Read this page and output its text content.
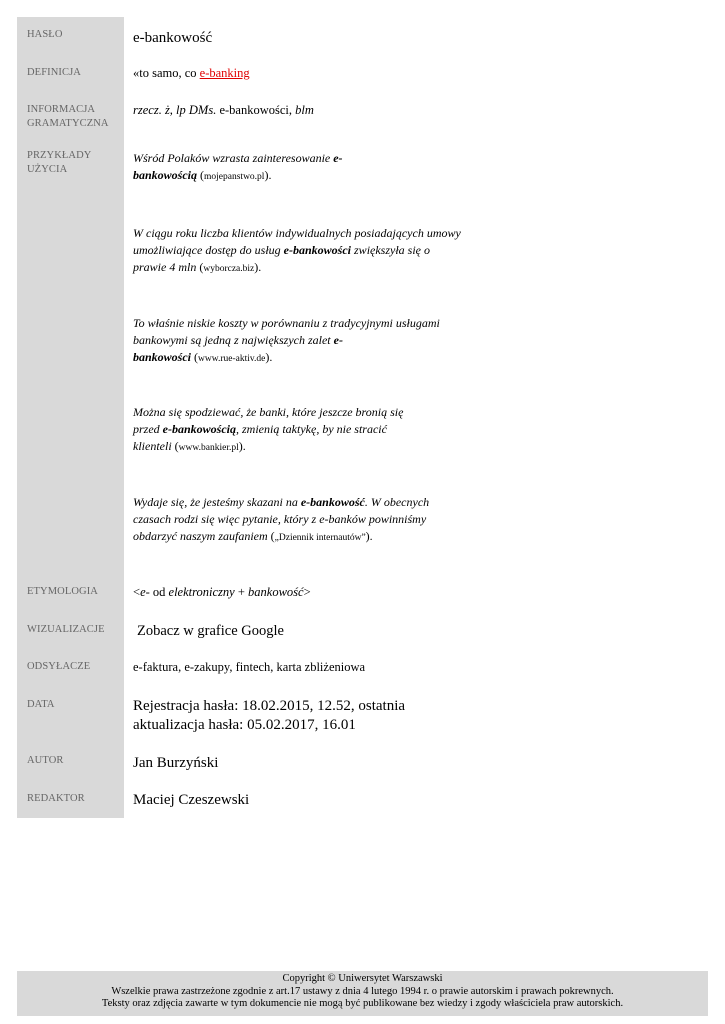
HASŁO
DEFINICJA
INFORMACJA
GRAMATYCZNA
PRZYKŁADY
UŻYCIA
ETYMOLOGIA
WIZUALIZACJE
ODSYŁACZE
DATA
AUTOR
REDAKTOR
e-bankowość
«to samo, co e-banking
rzecz. ż, lp DMs. e-bankowości, blm
Wśród Polaków wzrasta zainteresowanie e-
bankowością (mojepanstwo.pl).
W ciągu roku liczba klientów indywidualnych posiadających umowy
umożliwiające dostęp do usług e-bankowości zwiększyła się o
prawie 4 mln (wyborcza.biz).
To właśnie niskie koszty w porównaniu z tradycyjnymi usługami
bankowymi są jedną z największych zalet e-
bankowości (www.rue-aktiv.de).
Można się spodziewać, że banki, które jeszcze bronią się
przed e-bankowością, zmienią taktykę, by nie stracić
klienteli (www.bankier.pl).
Wydaje się, że jesteśmy skazani na e-bankowość. W obecnych
czasach rodzi się więc pytanie, który z e-banków powinniśmy
obdarzyć naszym zaufaniem („Dziennik internautów”).
<e- od elektroniczny + bankowość>
Zobacz w grafice Google
e-faktura, e-zakupy, fintech, karta zbliżeniowa
Rejestracja hasła: 18.02.2015, 12.52, ostatnia
aktualizacja hasła: 05.02.2017, 16.01
Jan Burzyński
Maciej Czeszewski
Copyright © Uniwersytet Warszawski
Wszelkie prawa zastrzeżone zgodnie z art.17 ustawy z dnia 4 lutego 1994 r. o prawie autorskim i prawach pokrewnych.
Teksty oraz zdjęcia zawarte w tym dokumencie nie mogą być publikowane bez wiedzy i zgody właściciela praw autorskich.
